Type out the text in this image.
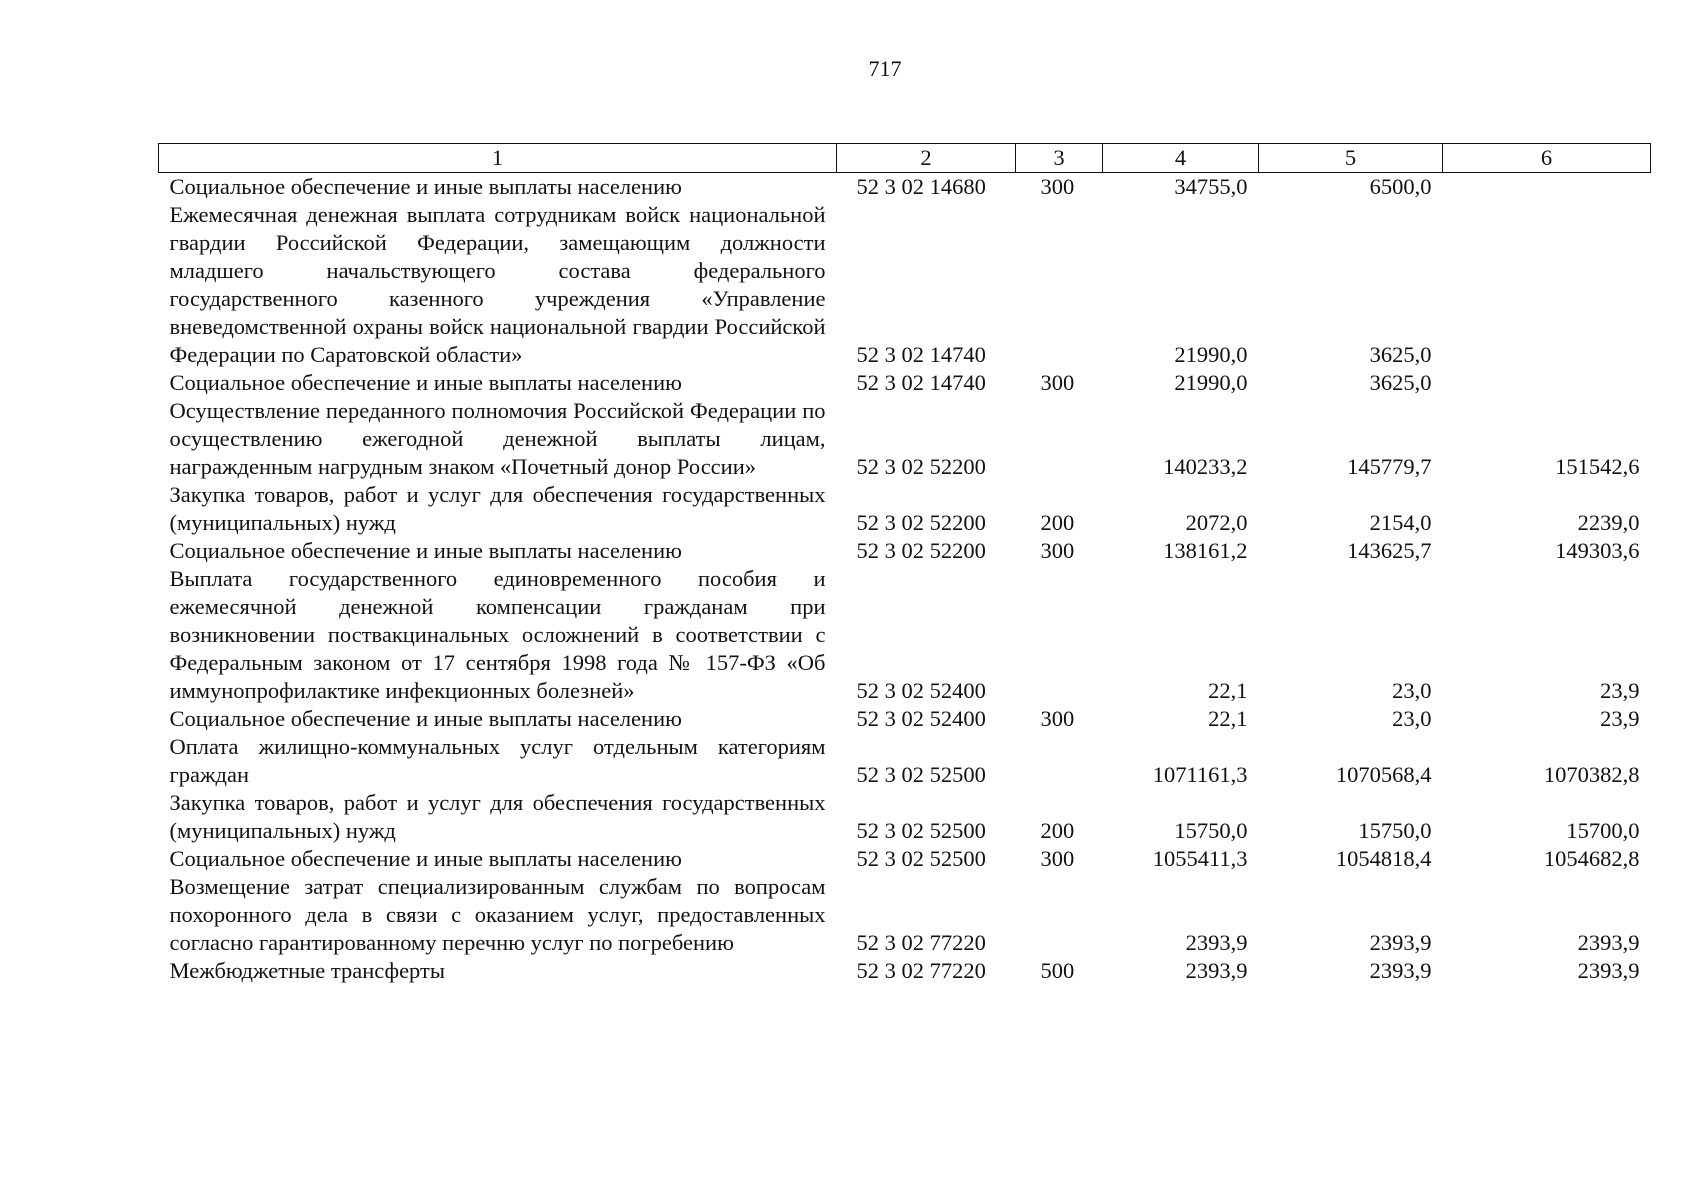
717
1	2	3	4	5	6
Социальное обеспечение и иные выплаты населению	52 3 02 14680	300	34755,0	6500,0	
Ежемесячная денежная выплата сотрудникам войск национальной гвардии Российской Федерации, замещающим должности младшего начальствующего состава федерального государственного казенного учреждения «Управление вневедомственной охраны войск национальной гвардии Российской Федерации по Саратовской области»	52 3 02 14740		21990,0	3625,0	
Социальное обеспечение и иные выплаты населению	52 3 02 14740	300	21990,0	3625,0	
Осуществление переданного полномочия Российской Федерации по осуществлению ежегодной денежной выплаты лицам, награжденным нагрудным знаком «Почетный донор России»	52 3 02 52200		140233,2	145779,7	151542,6
Закупка товаров, работ и услуг для обеспечения государственных (муниципальных) нужд	52 3 02 52200	200	2072,0	2154,0	2239,0
Социальное обеспечение и иные выплаты населению	52 3 02 52200	300	138161,2	143625,7	149303,6
Выплата государственного единовременного пособия и ежемесячной денежной компенсации гражданам при возникновении поствакцинальных осложнений в соответствии с Федеральным законом от 17 сентября 1998 года № 157-ФЗ «Об иммунопрофилактике инфекционных болезней»	52 3 02 52400		22,1	23,0	23,9
Социальное обеспечение и иные выплаты населению	52 3 02 52400	300	22,1	23,0	23,9
Оплата жилищно-коммунальных услуг отдельным категориям граждан	52 3 02 52500		1071161,3	1070568,4	1070382,8
Закупка товаров, работ и услуг для обеспечения государственных (муниципальных) нужд	52 3 02 52500	200	15750,0	15750,0	15700,0
Социальное обеспечение и иные выплаты населению	52 3 02 52500	300	1055411,3	1054818,4	1054682,8
Возмещение затрат специализированным службам по вопросам похоронного дела в связи с оказанием услуг, предоставленных согласно гарантированному перечню услуг по погребению	52 3 02 77220		2393,9	2393,9	2393,9
Межбюджетные трансферты	52 3 02 77220	500	2393,9	2393,9	2393,9
